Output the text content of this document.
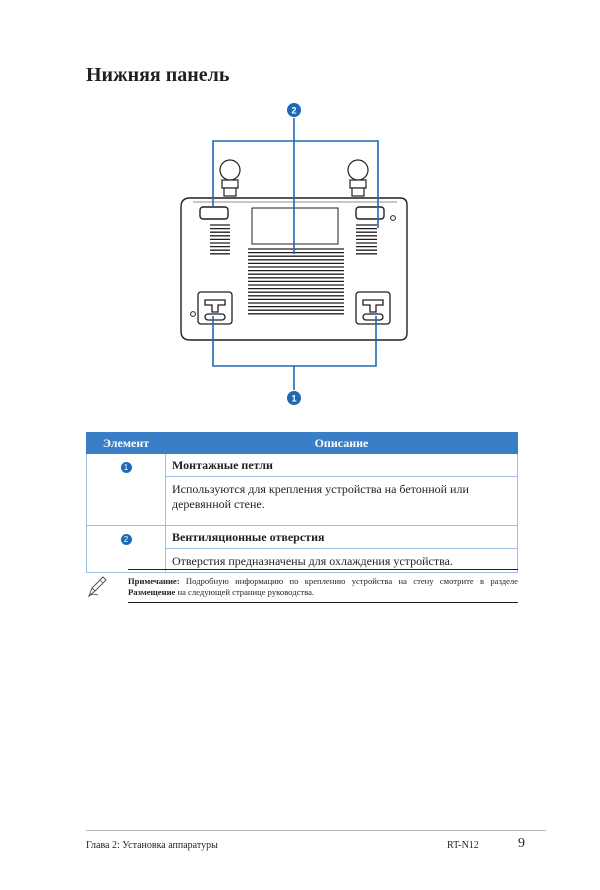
Нижняя панель
2
1
Элемент	Описание
1	Монтажные петли
Используются для крепления устройства на бетонной или деревянной стене.

2	Вентиляционные отверстия
Отверстия предназначены для охлаждения устройства.
Примечание: Подробную информацию по креплению устройства на стену смотрите в разделе Размещение на следующей странице руководства.
Глава 2: Установка аппаратуры	RT-N12	9
